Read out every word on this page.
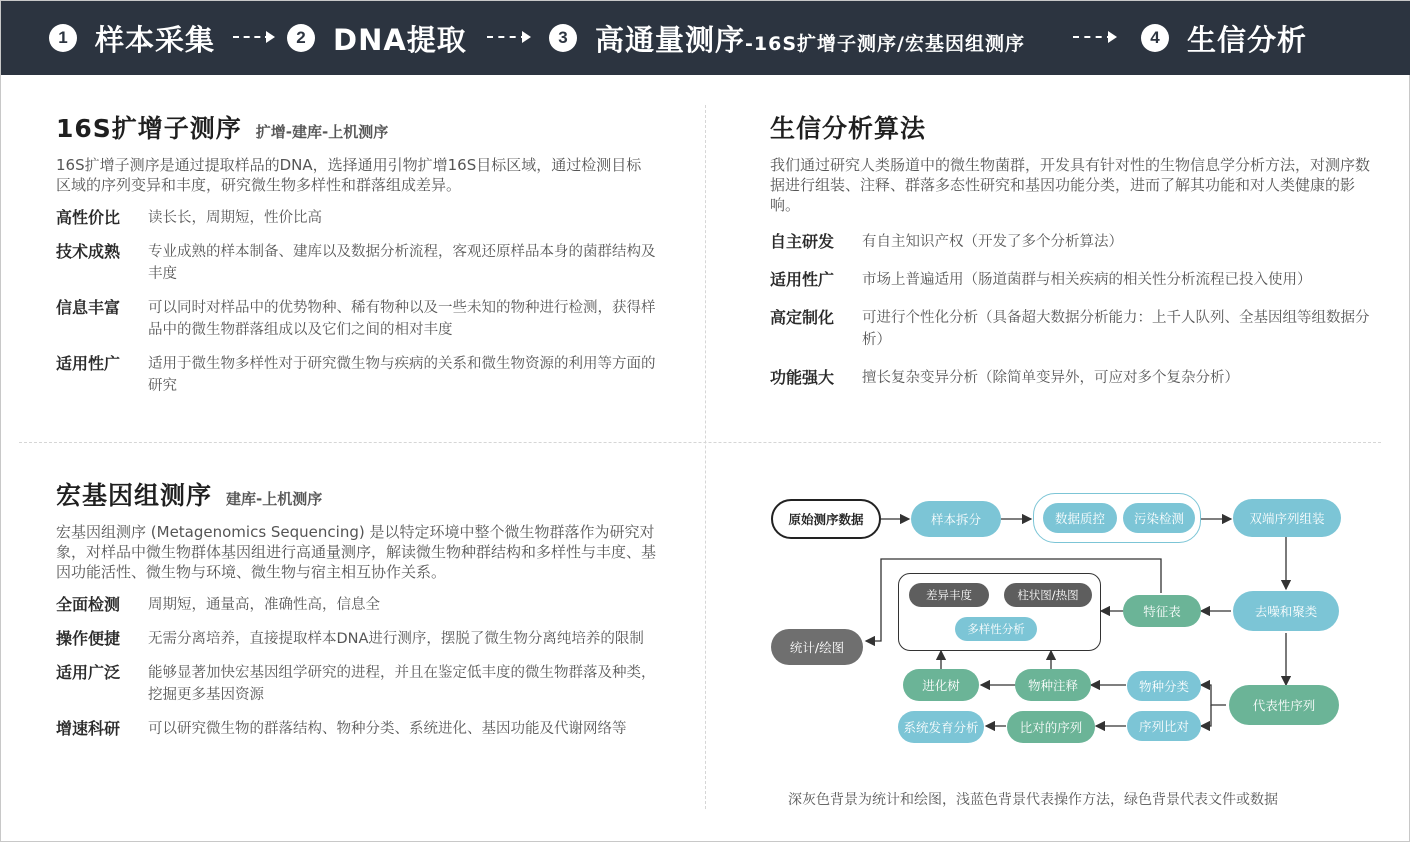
1 样本采集	2 DNA提取	3 高通量测序-16S扩增子测序/宏基因组测序	4 生信分析
16S扩增子测序 扩增-建库-上机测序
16S扩增子测序是通过提取样品的DNA，选择通用引物扩增16S目标区域，通过检测目标区域的序列变异和丰度，研究微生物多样性和群落组成差异。
高性价比	读长长，周期短，性价比高
技术成熟	专业成熟的样本制备、建库以及数据分析流程，客观还原样品本身的菌群结构及丰度
信息丰富	可以同时对样品中的优势物种、稀有物种以及一些未知的物种进行检测，获得样品中的微生物群落组成以及它们之间的相对丰度
适用性广	适用于微生物多样性对于研究微生物与疾病的关系和微生物资源的利用等方面的研究
生信分析算法
我们通过研究人类肠道中的微生物菌群，开发具有针对性的生物信息学分析方法，对测序数据进行组装、注释、群落多态性研究和基因功能分类，进而了解其功能和对人类健康的影响。
自主研发	有自主知识产权（开发了多个分析算法）
适用性广	市场上普遍适用（肠道菌群与相关疾病的相关性分析流程已投入使用）
高定制化	可进行个性化分析（具备超大数据分析能力：上千人队列、全基因组等组数据分析）
功能强大	擅长复杂变异分析（除简单变异外，可应对多个复杂分析）
宏基因组测序 建库-上机测序
宏基因组测序 (Metagenomics Sequencing) 是以特定环境中整个微生物群落作为研究对象，对样品中微生物群体基因组进行高通量测序，解读微生物种群结构和多样性与丰度、基因功能活性、微生物与环境、微生物与宿主相互协作关系。
全面检测	周期短，通量高，准确性高，信息全
操作便捷	无需分离培养，直接提取样本DNA进行测序，摆脱了微生物分离纯培养的限制
适用广泛	能够显著加快宏基因组学研究的进程，并且在鉴定低丰度的微生物群落及种类，挖掘更多基因资源
增速科研	可以研究微生物的群落结构、物种分类、系统进化、基因功能及代谢网络等
原始测序数据	样本拆分	数据质控	污染检测	双端序列组装
去噪和聚类
代表性序列
特征表
差异丰度	柱状图/热图
多样性分析
统计/绘图
进化树	物种注释	物种分类
系统发育分析	比对的序列	序列比对
深灰色背景为统计和绘图，浅蓝色背景代表操作方法，绿色背景代表文件或数据
